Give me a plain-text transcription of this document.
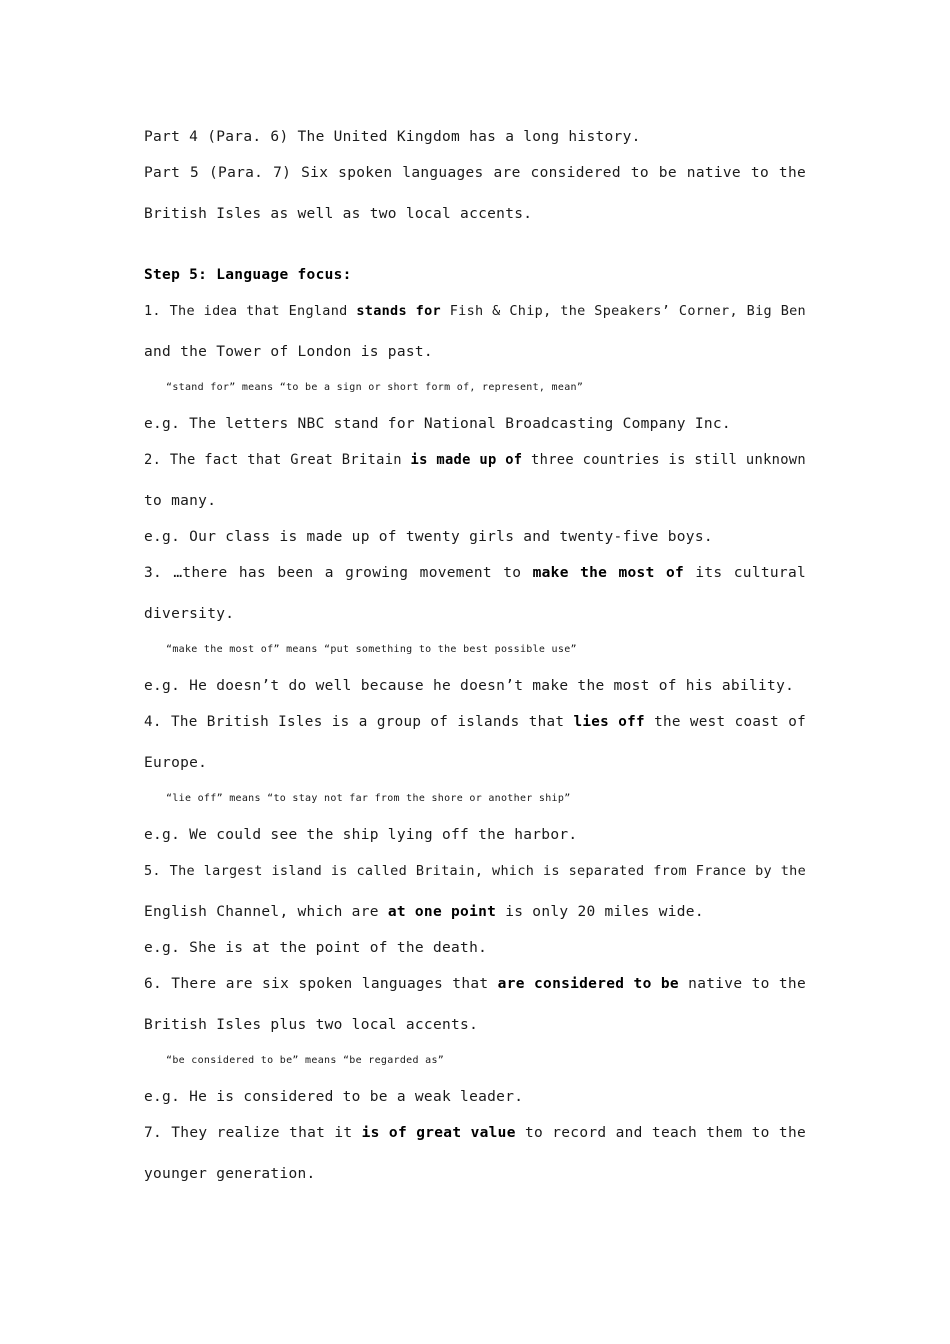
Part 4 (Para. 6) The United Kingdom has a long history.
Part 5 (Para. 7) Six spoken languages are considered to be native to the
British Isles as well as two local accents.
Step 5: Language focus:
1. The idea that England stands for Fish & Chip, the Speakers’ Corner, Big Ben
and the Tower of London is past.
“stand for” means “to be a sign or short form of, represent, mean”
e.g. The letters NBC stand for National Broadcasting Company Inc.
2. The fact that Great Britain is made up of three countries is still unknown
to many.
e.g. Our class is made up of twenty girls and twenty-five boys.
3. …there has been a growing movement to make the most of its cultural
diversity.
“make the most of” means “put something to the best possible use”
e.g. He doesn’t do well because he doesn’t make the most of his ability.
4. The British Isles is a group of islands that lies off the west coast of
Europe.
“lie off” means “to stay not far from the shore or another ship”
e.g. We could see the ship lying off the harbor.
5. The largest island is called Britain, which is separated from France by the
English Channel, which are at one point is only 20 miles wide.
e.g. She is at the point of the death.
6. There are six spoken languages that are considered to be native to the
British Isles plus two local accents.
“be considered to be” means “be regarded as”
e.g. He is considered to be a weak leader.
7. They realize that it is of great value to record and teach them to the
younger generation.
